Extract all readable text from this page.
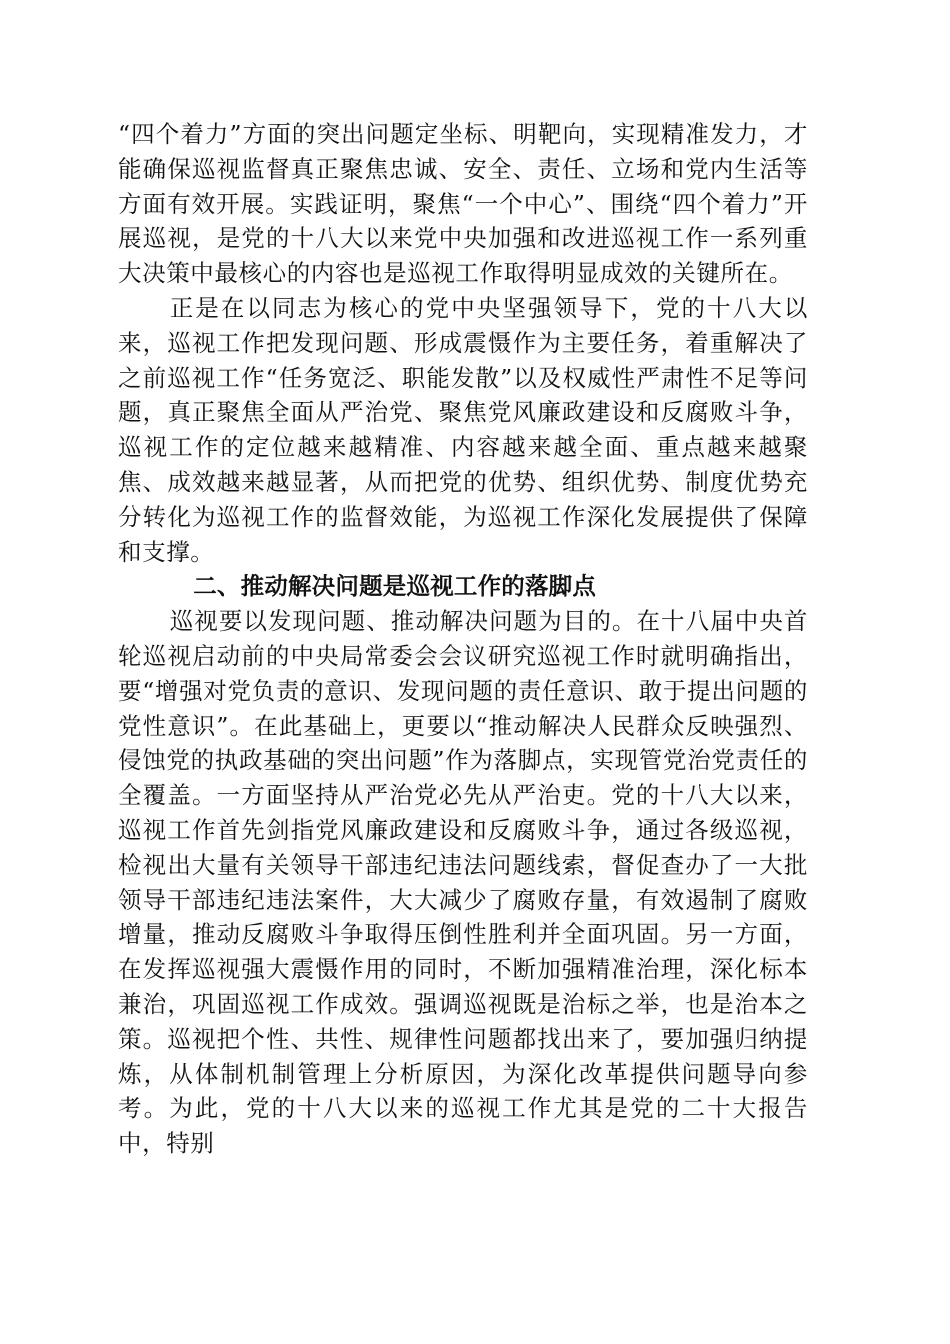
“四个着力”方面的突出问题定坐标、明靶向，实现精准发力，才能确保巡视监督真正聚焦忠诚、安全、责任、立场和党内生活等方面有效开展。实践证明，聚焦“一个中心”、围绕“四个着力”开展巡视，是党的十八大以来党中央加强和改进巡视工作一系列重大决策中最核心的内容也是巡视工作取得明显成效的关键所在。

正是在以同志为核心的党中央坚强领导下，党的十八大以来，巡视工作把发现问题、形成震慑作为主要任务，着重解决了之前巡视工作“任务宽泛、职能发散”以及权威性严肃性不足等问题，真正聚焦全面从严治党、聚焦党风廉政建设和反腐败斗争，巡视工作的定位越来越精准、内容越来越全面、重点越来越聚焦、成效越来越显著，从而把党的优势、组织优势、制度优势充分转化为巡视工作的监督效能，为巡视工作深化发展提供了保障和支撑。

二、推动解决问题是巡视工作的落脚点

巡视要以发现问题、推动解决问题为目的。在十八届中央首轮巡视启动前的中央局常委会会议研究巡视工作时就明确指出，要“增强对党负责的意识、发现问题的责任意识、敢于提出问题的党性意识”。在此基础上，更要以“推动解决人民群众反映强烈、侵蚀党的执政基础的突出问题”作为落脚点，实现管党治党责任的全覆盖。一方面坚持从严治党必先从严治吏。党的十八大以来，巡视工作首先剑指党风廉政建设和反腐败斗争，通过各级巡视，检视出大量有关领导干部违纪违法问题线索，督促查办了一大批领导干部违纪违法案件，大大减少了腐败存量，有效遏制了腐败增量，推动反腐败斗争取得压倒性胜利并全面巩固。另一方面，在发挥巡视强大震慑作用的同时，不断加强精准治理，深化标本兼治，巩固巡视工作成效。强调巡视既是治标之举，也是治本之策。巡视把个性、共性、规律性问题都找出来了，要加强归纳提炼，从体制机制管理上分析原因，为深化改革提供问题导向参考。为此，党的十八大以来的巡视工作尤其是党的二十大报告中，特别
